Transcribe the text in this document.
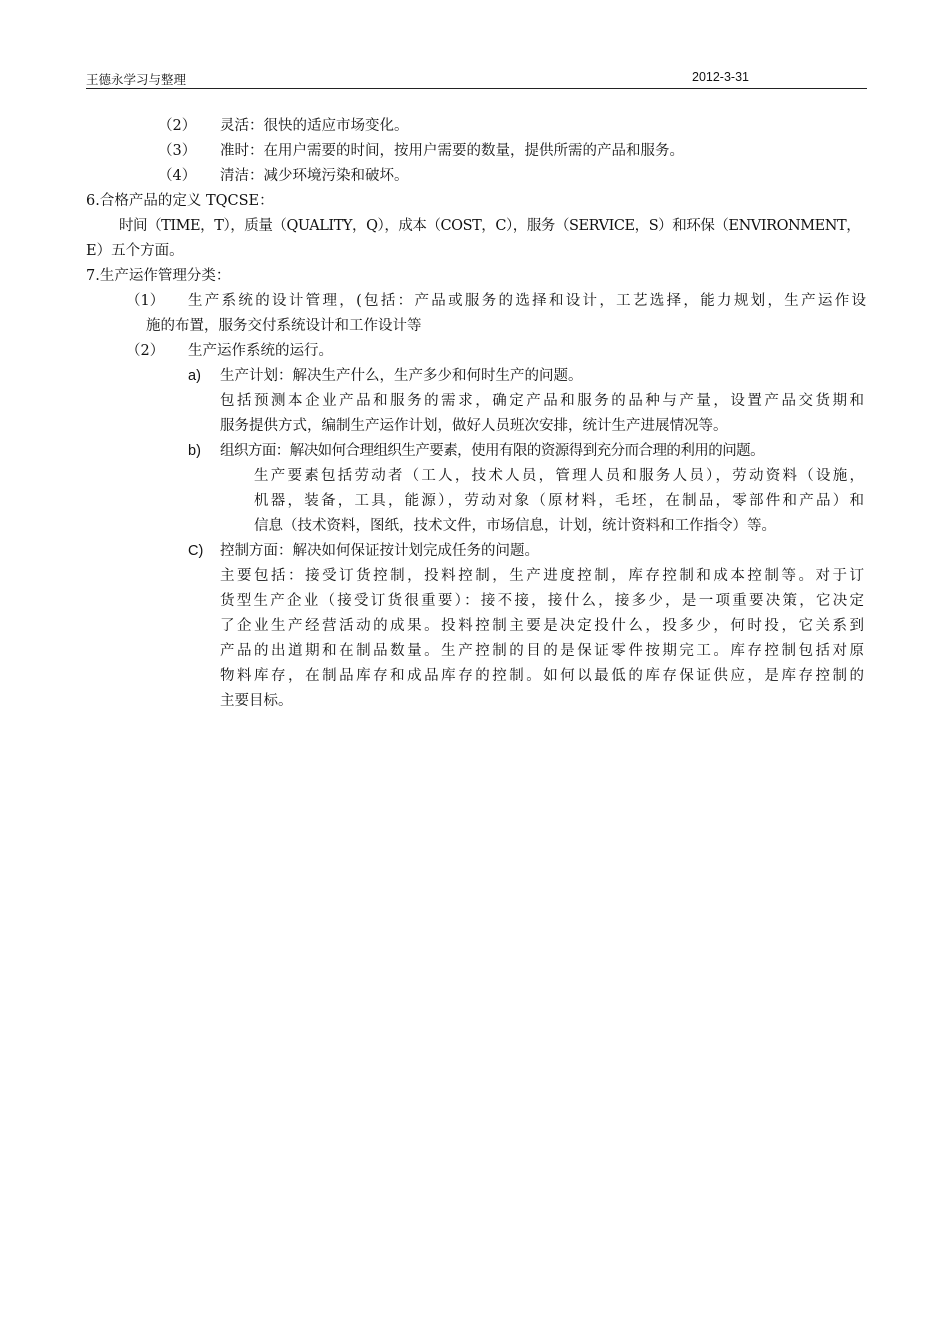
王德永学习与整理	2012-3-31
（2） 灵活：很快的适应市场变化。
（3） 准时：在用户需要的时间，按用户需要的数量，提供所需的产品和服务。
（4） 清洁：减少环境污染和破坏。
6.合格产品的定义 TQCSE：
时间（TIME，T），质量（QUALITY，Q），成本（COST，C），服务（SERVICE，S）和环保（ENVIRONMENT，
E）五个方面。
7.生产运作管理分类：
（1） 生产系统的设计管理，(包括：产品或服务的选择和设计，工艺选择，能力规划，生产运作设
施的布置，服务交付系统设计和工作设计等
（2） 生产运作系统的运行。
a) 生产计划：解决生产什么，生产多少和何时生产的问题。
包括预测本企业产品和服务的需求，确定产品和服务的品种与产量，设置产品交货期和
服务提供方式，编制生产运作计划，做好人员班次安排，统计生产进展情况等。
b) 组织方面：解决如何合理组织生产要素，使用有限的资源得到充分而合理的利用的问题。
生产要素包括劳动者（工人，技术人员，管理人员和服务人员），劳动资料（设施，
机器，装备，工具，能源），劳动对象（原材料，毛坯，在制品，零部件和产品）和
信息（技术资料，图纸，技术文件，市场信息，计划，统计资料和工作指令）等。
C) 控制方面：解决如何保证按计划完成任务的问题。
主要包括：接受订货控制，投料控制，生产进度控制，库存控制和成本控制等。对于订
货型生产企业（接受订货很重要）：接不接，接什么，接多少，是一项重要决策，它决定
了企业生产经营活动的成果。投料控制主要是决定投什么，投多少，何时投，它关系到
产品的出道期和在制品数量。生产控制的目的是保证零件按期完工。库存控制包括对原
物料库存，在制品库存和成品库存的控制。如何以最低的库存保证供应，是库存控制的
主要目标。
